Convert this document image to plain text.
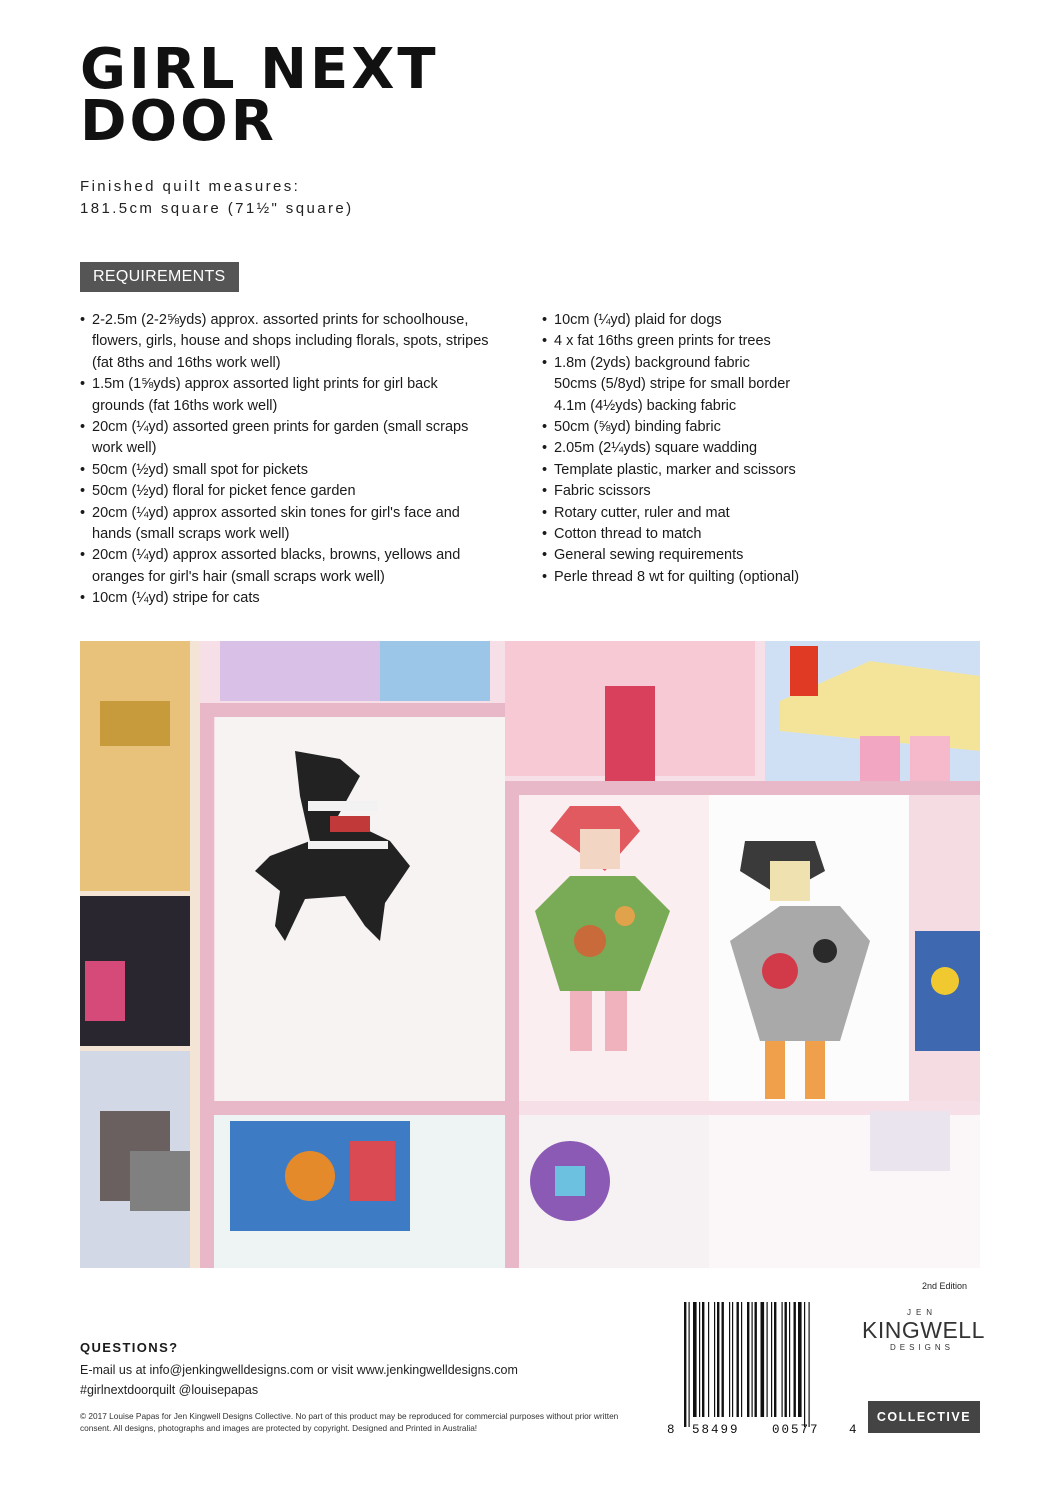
GIRL NEXT
DOOR
Finished quilt measures:
181.5cm square (71½" square)
REQUIREMENTS
• 2-2.5m (2-2⅝yds) approx. assorted prints for schoolhouse,
flowers, girls, house and shops including florals, spots, stripes
(fat 8ths and 16ths work well)
• 1.5m (1⅝yds) approx assorted light prints for girl back
grounds (fat 16ths work well)
• 20cm (¼yd) assorted green prints for garden (small scraps
work well)
• 50cm (½yd) small spot for pickets
• 50cm (½yd) floral for picket fence garden
• 20cm (¼yd) approx assorted skin tones for girl's face and
hands (small scraps work well)
• 20cm (¼yd) approx assorted blacks, browns, yellows and
oranges for girl's hair (small scraps work well)
• 10cm (¼yd) stripe for cats
• 10cm (¼yd) plaid for dogs
• 4 x fat 16ths green prints for trees
• 1.8m (2yds) background fabric
50cms (5/8yd) stripe for small border
4.1m (4½yds) backing fabric
• 50cm (⅝yd) binding fabric
• 2.05m (2¼yds) square wadding
• Template plastic, marker and scissors
• Fabric scissors
• Rotary cutter, ruler and mat
• Cotton thread to match
• General sewing requirements
• Perle thread 8 wt for quilting (optional)
2nd Edition
QUESTIONS?
E-mail us at info@jenkingwelldesigns.com or visit www.jenkingwelldesigns.com
#girlnextdoorquilt @louisepapas
© 2017 Louise Papas for Jen Kingwell Designs Collective. No part of this product may be reproduced for commercial purposes without prior written consent. All designs, photographs and images are protected by copyright. Designed and Printed in Australia!	8 58499	00577 4
JEN
KINGWELL
DESIGNS
COLLECTIVE
